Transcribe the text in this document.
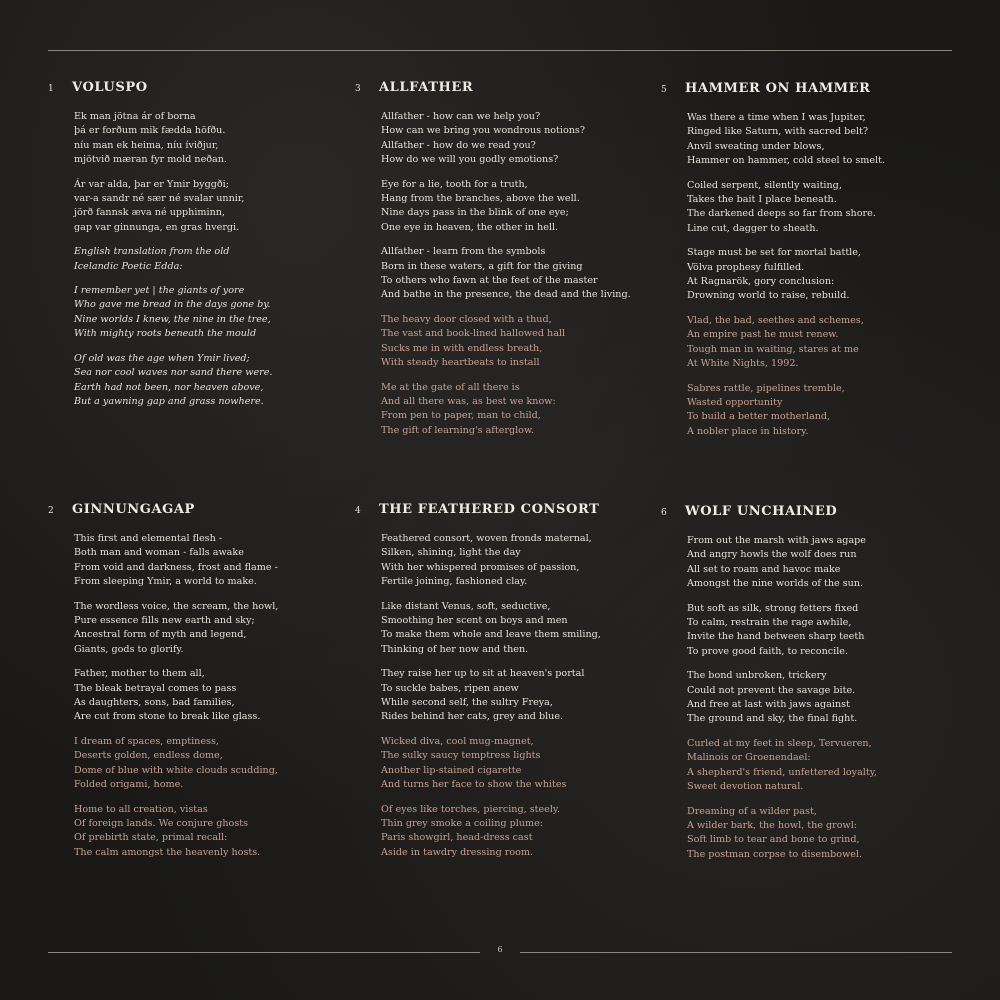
1	VOLUSPO
Ek man jötna ár of borna
þá er forðum mik fædda höfðu.
níu man ek heima, níu íviðjur,
mjötvið mæran fyr mold neðan.
Ár var alda, þar er Ymir byggði;
var-a sandr né sær né svalar unnir,
jörð fannsk æva né upphiminn,
gap var ginnunga, en gras hvergi.
English translation from the old
Icelandic Poetic Edda:
I remember yet | the giants of yore
Who gave me bread in the days gone by.
Nine worlds I knew, the nine in the tree,
With mighty roots beneath the mould
Of old was the age when Ymir lived;
Sea nor cool waves nor sand there were.
Earth had not been, nor heaven above,
But a yawning gap and grass nowhere.
2	GINNUNGAGAP
This first and elemental flesh -
Both man and woman - falls awake
From void and darkness, frost and flame -
From sleeping Ymir, a world to make.
The wordless voice, the scream, the howl,
Pure essence fills new earth and sky;
Ancestral form of myth and legend,
Giants, gods to glorify.
Father, mother to them all,
The bleak betrayal comes to pass
As daughters, sons, bad families,
Are cut from stone to break like glass.
I dream of spaces, emptiness,
Deserts golden, endless dome,
Dome of blue with white clouds scudding,
Folded origami, home.
Home to all creation, vistas
Of foreign lands. We conjure ghosts
Of prebirth state, primal recall:
The calm amongst the heavenly hosts.
3	ALLFATHER
Allfather - how can we help you?
How can we bring you wondrous notions?
Allfather - how do we read you?
How do we will you godly emotions?
Eye for a lie, tooth for a truth,
Hang from the branches, above the well.
Nine days pass in the blink of one eye;
One eye in heaven, the other in hell.
Allfather - learn from the symbols
Born in these waters, a gift for the giving
To others who fawn at the feet of the master
And bathe in the presence, the dead and the living.
The heavy door closed with a thud,
The vast and book-lined hallowed hall
Sucks me in with endless breath,
With steady heartbeats to install
Me at the gate of all there is
And all there was, as best we know:
From pen to paper, man to child,
The gift of learning's afterglow.
4	THE FEATHERED CONSORT
Feathered consort, woven fronds maternal,
Silken, shining, light the day
With her whispered promises of passion,
Fertile joining, fashioned clay.
Like distant Venus, soft, seductive,
Smoothing her scent on boys and men
To make them whole and leave them smiling,
Thinking of her now and then.
They raise her up to sit at heaven's portal
To suckle babes, ripen anew
While second self, the sultry Freya,
Rides behind her cats, grey and blue.
Wicked diva, cool mug-magnet,
The sulky saucy temptress lights
Another lip-stained cigarette
And turns her face to show the whites
Of eyes like torches, piercing, steely.
Thin grey smoke a coiling plume:
Paris showgirl, head-dress cast
Aside in tawdry dressing room.
5	HAMMER ON HAMMER
Was there a time when I was Jupiter,
Ringed like Saturn, with sacred belt?
Anvil sweating under blows,
Hammer on hammer, cold steel to smelt.
Coiled serpent, silently waiting,
Takes the bait I place beneath.
The darkened deeps so far from shore.
Line cut, dagger to sheath.
Stage must be set for mortal battle,
Völva prophesy fulfilled.
At Ragnarök, gory conclusion:
Drowning world to raise, rebuild.
Vlad, the bad, seethes and schemes,
An empire past he must renew.
Tough man in waiting, stares at me
At White Nights, 1992.
Sabres rattle, pipelines tremble,
Wasted opportunity
To build a better motherland,
A nobler place in history.
6	WOLF UNCHAINED
From out the marsh with jaws agape
And angry howls the wolf does run
All set to roam and havoc make
Amongst the nine worlds of the sun.
But soft as silk, strong fetters fixed
To calm, restrain the rage awhile,
Invite the hand between sharp teeth
To prove good faith, to reconcile.
The bond unbroken, trickery
Could not prevent the savage bite.
And free at last with jaws against
The ground and sky, the final fight.
Curled at my feet in sleep, Tervueren,
Malinois or Groenendael:
A shepherd's friend, unfettered loyalty,
Sweet devotion natural.
Dreaming of a wilder past,
A wilder bark, the howl, the growl:
Soft limb to tear and bone to grind,
The postman corpse to disembowel.
6
